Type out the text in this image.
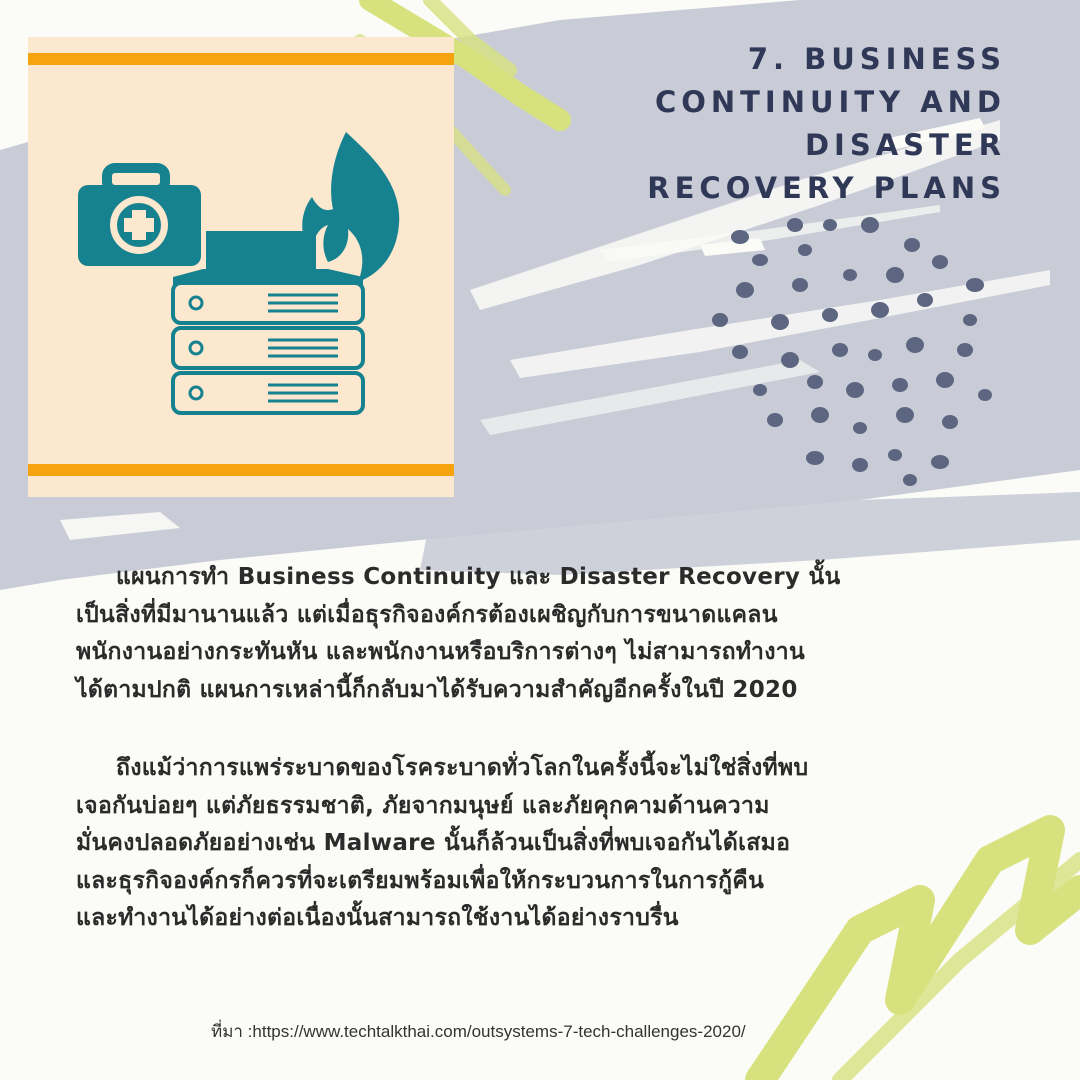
7. BUSINESS
CONTINUITY AND
DISASTER
RECOVERY PLANS
แผนการทำ Business Continuity และ Disaster Recovery นั้น
เป็นสิ่งที่มีมานานแล้ว แต่เมื่อธุรกิจองค์กรต้องเผชิญกับการขนาดแคลน
พนักงานอย่างกระทันหัน และพนักงานหรือบริการต่างๆ ไม่สามารถทำงาน
ได้ตามปกติ แผนการเหล่านี้ก็กลับมาได้รับความสำคัญอีกครั้งในปี 2020
ถึงแม้ว่าการแพร่ระบาดของโรคระบาดทั่วโลกในครั้งนี้จะไม่ใช่สิ่งที่พบ
เจอกันบ่อยๆ แต่ภัยธรรมชาติ, ภัยจากมนุษย์ และภัยคุกคามด้านความ
มั่นคงปลอดภัยอย่างเช่น Malware นั้นก็ล้วนเป็นสิ่งที่พบเจอกันได้เสมอ
และธุรกิจองค์กรก็ควรที่จะเตรียมพร้อมเพื่อให้กระบวนการในการกู้คืน
และทำงานได้อย่างต่อเนื่องนั้นสามารถใช้งานได้อย่างราบรื่น
ที่มา :https://www.techtalkthai.com/outsystems-7-tech-challenges-2020/
